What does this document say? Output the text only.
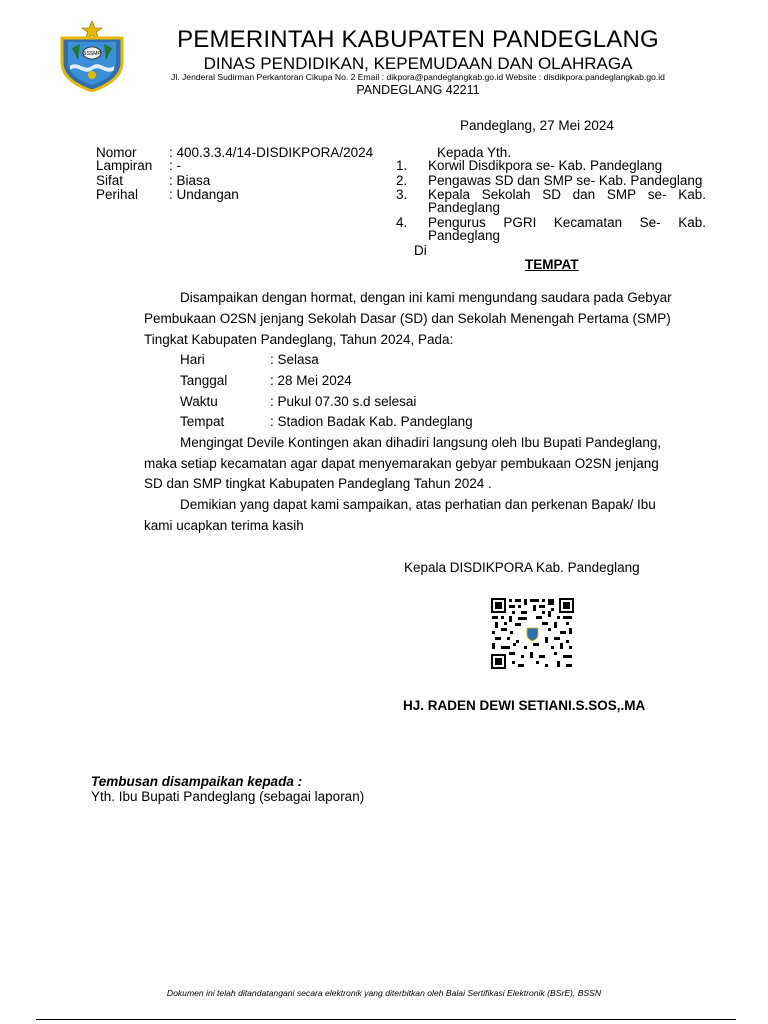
SSSMP
PEMERINTAH KABUPATEN PANDEGLANG
DINAS PENDIDIKAN, KEPEMUDAAN DAN OLAHRAGA
Jl. Jenderal Sudirman Perkantoran Cikupa No. 2 Email : dikpora@pandeglangkab.go.id Website : disdikpora.pandeglangkab.go.id
PANDEGLANG 42211
Pandeglang, 27 Mei 2024
Nomor : 400.3.3.4/14-DISDIKPORA/2024
Lampiran : -
Sifat	: Biasa
Perihal : Undangan
Kepada Yth.
1. Korwil Disdikpora se- Kab. Pandeglang
2. Pengawas SD dan SMP se- Kab. Pandeglang
3. Kepala Sekolah SD dan SMP se- Kab.
Pandeglang
4. Pengurus PGRI Kecamatan Se- Kab.
Pandeglang
Di
TEMPAT
Disampaikan dengan hormat, dengan ini kami mengundang saudara pada Gebyar
Pembukaan O2SN jenjang Sekolah Dasar (SD) dan Sekolah Menengah Pertama (SMP)
Tingkat Kabupaten Pandeglang, Tahun 2024, Pada:
Hari	: Selasa
Tanggal	: 28 Mei 2024
Waktu	: Pukul 07.30 s.d selesai
Tempat	: Stadion Badak Kab. Pandeglang
Mengingat Devile Kontingen akan dihadiri langsung oleh Ibu Bupati Pandeglang,
maka setiap kecamatan agar dapat menyemarakan gebyar pembukaan O2SN jenjang
SD dan SMP tingkat Kabupaten Pandeglang Tahun 2024 .
Demikian yang dapat kami sampaikan, atas perhatian dan perkenan Bapak/ Ibu
kami ucapkan terima kasih
Kepala DISDIKPORA Kab. Pandeglang
HJ. RADEN DEWI SETIANI.S.SOS,.MA
Tembusan disampaikan kepada :
Yth. Ibu Bupati Pandeglang (sebagai laporan)
Dokumen ini telah ditandatangani secara elektronik yang diterbitkan oleh Balai Sertifikasi Elektronik (BSrE), BSSN
